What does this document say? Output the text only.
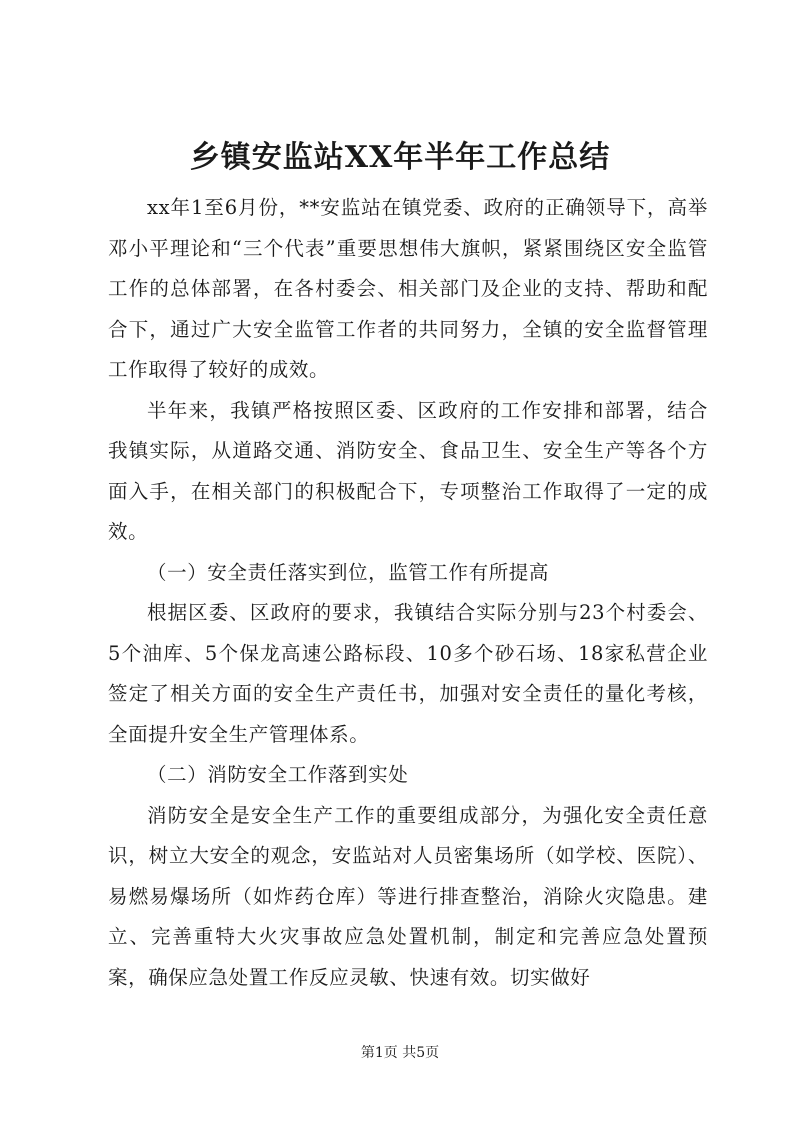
乡镇安监站XX年半年工作总结

xx年1至6月份，**安监站在镇党委、政府的正确领导下，高举邓小平理论和“三个代表”重要思想伟大旗帜，紧紧围绕区安全监管工作的总体部署，在各村委会、相关部门及企业的支持、帮助和配合下，通过广大安全监管工作者的共同努力，全镇的安全监督管理工作取得了较好的成效。

半年来，我镇严格按照区委、区政府的工作安排和部署，结合我镇实际，从道路交通、消防安全、食品卫生、安全生产等各个方面入手，在相关部门的积极配合下，专项整治工作取得了一定的成效。

（一）安全责任落实到位，监管工作有所提高

根据区委、区政府的要求，我镇结合实际分别与23个村委会、5个油库、5个保龙高速公路标段、10多个砂石场、18家私营企业签定了相关方面的安全生产责任书，加强对安全责任的量化考核，全面提升安全生产管理体系。

（二）消防安全工作落到实处

消防安全是安全生产工作的重要组成部分，为强化安全责任意识，树立大安全的观念，安监站对人员密集场所（如学校、医院）、易燃易爆场所（如炸药仓库）等进行排查整治，消除火灾隐患。建立、完善重特大火灾事故应急处置机制，制定和完善应急处置预案，确保应急处置工作反应灵敏、快速有效。切实做好

第1页 共5页
